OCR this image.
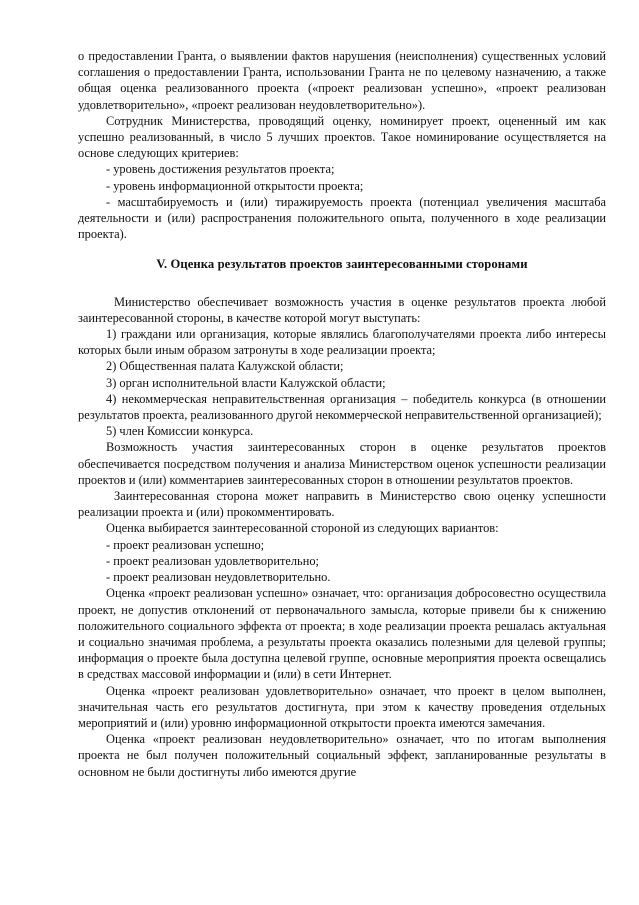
о предоставлении Гранта, о выявлении фактов нарушения (неисполнения) существенных условий соглашения о предоставлении Гранта, использовании Гранта не по целевому назначению, а также общая оценка реализованного проекта («проект реализован успешно», «проект реализован удовлетворительно», «проект реализован неудовлетворительно»).

Сотрудник Министерства, проводящий оценку, номинирует проект, оцененный им как успешно реализованный, в число 5 лучших проектов. Такое номинирование осуществляется на основе следующих критериев:

- уровень достижения результатов проекта;

- уровень информационной открытости проекта;

- масштабируемость и (или) тиражируемость проекта (потенциал увеличения масштаба деятельности и (или) распространения положительного опыта, полученного в ходе реализации проекта).

V. Оценка результатов проектов заинтересованными сторонами

Министерство обеспечивает возможность участия в оценке результатов проекта любой заинтересованной стороны, в качестве которой могут выступать:

1) граждани или организация, которые являлись благополучателями проекта либо интересы которых были иным образом затронуты в ходе реализации проекта;

2) Общественная палата Калужской области;

3) орган исполнительной власти Калужской области;

4) некоммерческая неправительственная организация – победитель конкурса (в отношении результатов проекта, реализованного другой некоммерческой неправительственной организацией);

5) член Комиссии конкурса.

Возможность участия заинтересованных сторон в оценке результатов проектов обеспечивается посредством получения и анализа Министерством оценок успешности реализации проектов и (или) комментариев заинтересованных сторон в отношении результатов проектов.

Заинтересованная сторона может направить в Министерство свою оценку успешности реализации проекта и (или) прокомментировать.

Оценка выбирается заинтересованной стороной из следующих вариантов:

- проект реализован успешно;

- проект реализован удовлетворительно;

- проект реализован неудовлетворительно.

Оценка «проект реализован успешно» означает, что: организация добросовестно осуществила проект, не допустив отклонений от первоначального замысла, которые привели бы к снижению положительного социального эффекта от проекта; в ходе реализации проекта решалась актуальная и социально значимая проблема, а результаты проекта оказались полезными для целевой группы; информация о проекте была доступна целевой группе, основные мероприятия проекта освещались в средствах массовой информации и (или) в сети Интернет.

Оценка «проект реализован удовлетворительно» означает, что проект в целом выполнен, значительная часть его результатов достигнута, при этом к качеству проведения отдельных мероприятий и (или) уровню информационной открытости проекта имеются замечания.

Оценка «проект реализован неудовлетворительно» означает, что по итогам выполнения проекта не был получен положительный социальный эффект, запланированные результаты в основном не были достигнуты либо имеются другие
